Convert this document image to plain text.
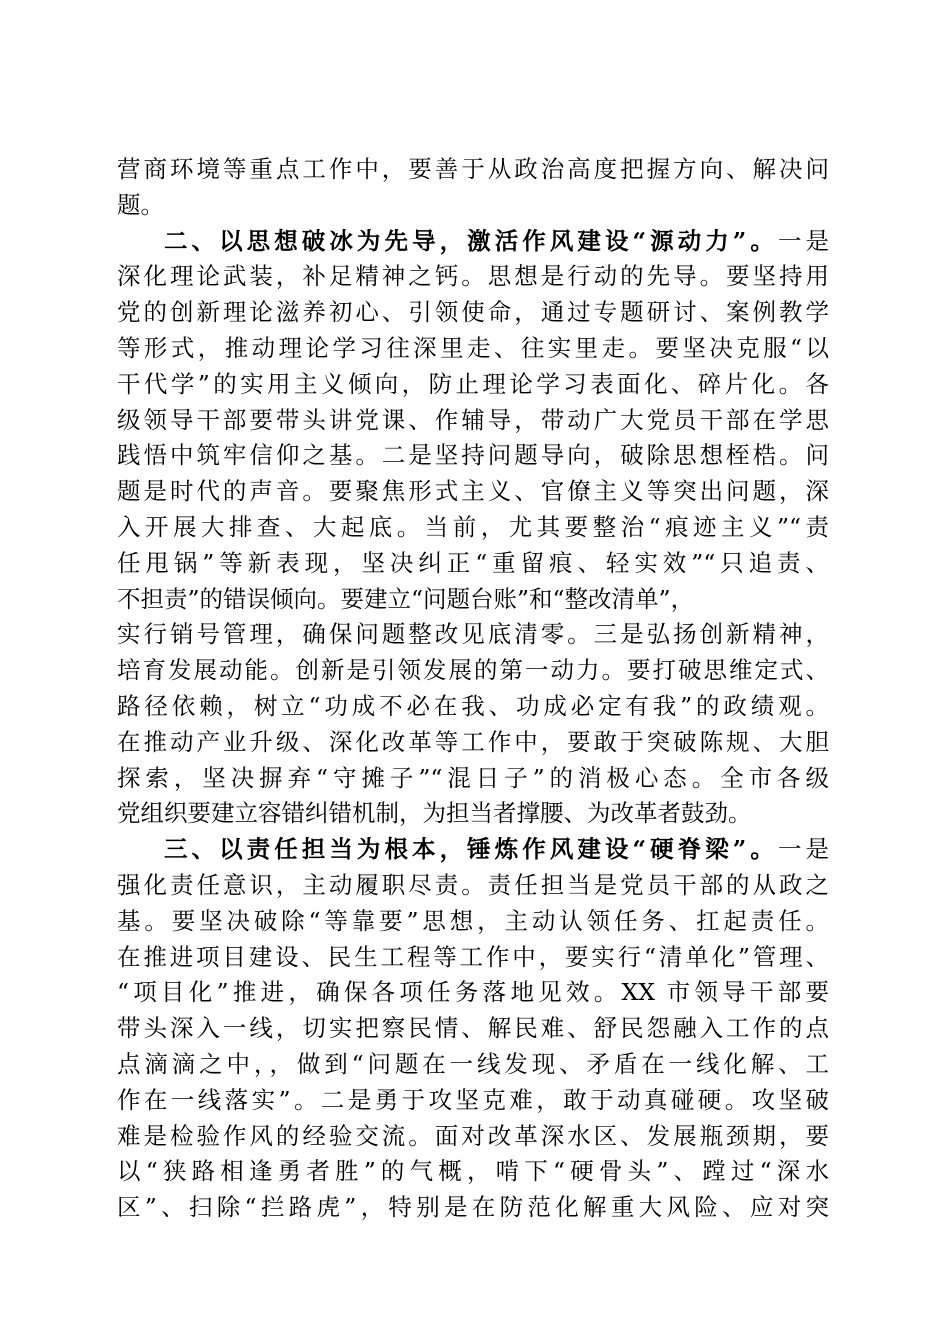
营商环境等重点工作中，要善于从政治高度把握方向、解决问
题。
二、以思想破冰为先导，激活作风建设“源动力”。一是
深化理论武装，补足精神之钙。思想是行动的先导。要坚持用
党的创新理论滋养初心、引领使命，通过专题研讨、案例教学
等形式，推动理论学习往深里走、往实里走。要坚决克服“以
干代学”的实用主义倾向，防止理论学习表面化、碎片化。各
级领导干部要带头讲党课、作辅导，带动广大党员干部在学思
践悟中筑牢信仰之基。二是坚持问题导向，破除思想桎梏。问
题是时代的声音。要聚焦形式主义、官僚主义等突出问题，深
入开展大排查、大起底。当前，尤其要整治“痕迹主义”“责
任甩锅”等新表现，坚决纠正“重留痕、轻实效”“只追责、
不担责”的错误倾向。要建立“问题台账”和“整改清单”，
实行销号管理，确保问题整改见底清零。三是弘扬创新精神，
培育发展动能。创新是引领发展的第一动力。要打破思维定式、
路径依赖，树立“功成不必在我、功成必定有我”的政绩观。
在推动产业升级、深化改革等工作中，要敢于突破陈规、大胆
探索，坚决摒弃“守摊子”“混日子”的消极心态。全市各级
党组织要建立容错纠错机制，为担当者撑腰、为改革者鼓劲。
三、以责任担当为根本，锤炼作风建设“硬脊梁”。一是
强化责任意识，主动履职尽责。责任担当是党员干部的从政之
基。要坚决破除“等靠要”思想，主动认领任务、扛起责任。
在推进项目建设、民生工程等工作中，要实行“清单化”管理、
“项目化”推进，确保各项任务落地见效。XX 市领导干部要
带头深入一线，切实把察民情、解民难、舒民怨融入工作的点
点滴滴之中，，做到“问题在一线发现、矛盾在一线化解、工
作在一线落实”。二是勇于攻坚克难，敢于动真碰硬。攻坚破
难是检验作风的经验交流。面对改革深水区、发展瓶颈期，要
以“狭路相逢勇者胜”的气概，啃下“硬骨头”、蹚过“深水
区”、扫除“拦路虎”，特别是在防范化解重大风险、应对突
